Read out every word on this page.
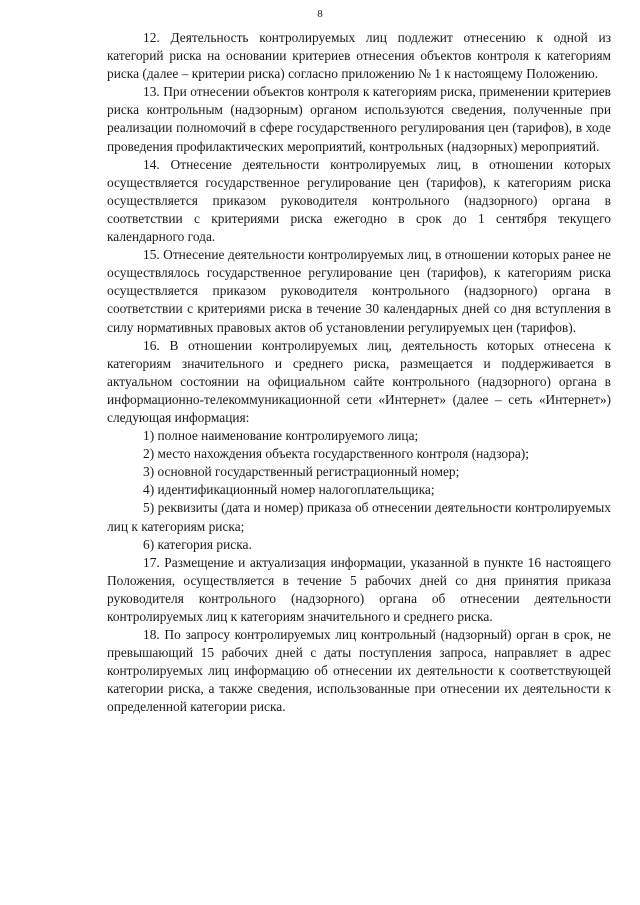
8

12. Деятельность контролируемых лиц подлежит отнесению к одной из категорий риска на основании критериев отнесения объектов контроля к категориям риска (далее – критерии риска) согласно приложению № 1 к настоящему Положению.

13. При отнесении объектов контроля к категориям риска, применении критериев риска контрольным (надзорным) органом используются сведения, полученные при реализации полномочий в сфере государственного регулирования цен (тарифов), в ходе проведения профилактических мероприятий, контрольных (надзорных) мероприятий.

14. Отнесение деятельности контролируемых лиц, в отношении которых осуществляется государственное регулирование цен (тарифов), к категориям риска осуществляется приказом руководителя контрольного (надзорного) органа в соответствии с критериями риска ежегодно в срок до 1 сентября текущего календарного года.

15. Отнесение деятельности контролируемых лиц, в отношении которых ранее не осуществлялось государственное регулирование цен (тарифов), к категориям риска осуществляется приказом руководителя контрольного (надзорного) органа в соответствии с критериями риска в течение 30 календарных дней со дня вступления в силу нормативных правовых актов об установлении регулируемых цен (тарифов).

16. В отношении контролируемых лиц, деятельность которых отнесена к категориям значительного и среднего риска, размещается и поддерживается в актуальном состоянии на официальном сайте контрольного (надзорного) органа в информационно-телекоммуникационной сети «Интернет» (далее – сеть «Интернет») следующая информация:

1) полное наименование контролируемого лица;

2) место нахождения объекта государственного контроля (надзора);

3) основной государственный регистрационный номер;

4) идентификационный номер налогоплательщика;

5) реквизиты (дата и номер) приказа об отнесении деятельности контролируемых лиц к категориям риска;

6) категория риска.

17. Размещение и актуализация информации, указанной в пункте 16 настоящего Положения, осуществляется в течение 5 рабочих дней со дня принятия приказа руководителя контрольного (надзорного) органа об отнесении деятельности контролируемых лиц к категориям значительного и среднего риска.

18. По запросу контролируемых лиц контрольный (надзорный) орган в срок, не превышающий 15 рабочих дней с даты поступления запроса, направляет в адрес контролируемых лиц информацию об отнесении их деятельности к соответствующей категории риска, а также сведения, использованные при отнесении их деятельности к определенной категории риска.
